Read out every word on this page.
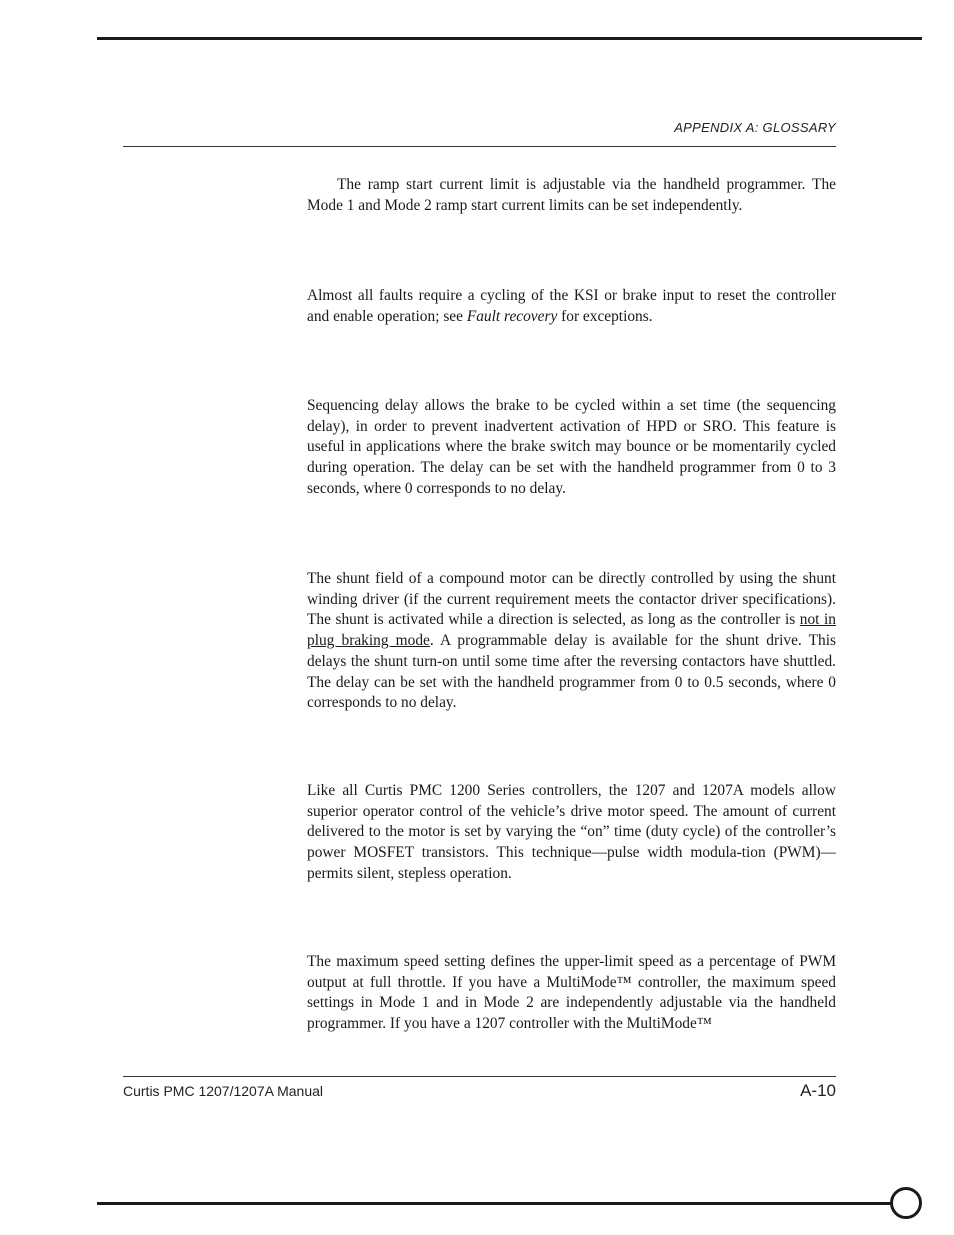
APPENDIX A: GLOSSARY

The ramp start current limit is adjustable via the handheld programmer. The Mode 1 and Mode 2 ramp start current limits can be set independently.

Almost all faults require a cycling of the KSI or brake input to reset the controller and enable operation; see Fault recovery for exceptions.

Sequencing delay allows the brake to be cycled within a set time (the sequencing delay), in order to prevent inadvertent activation of HPD or SRO. This feature is useful in applications where the brake switch may bounce or be momentarily cycled during operation. The delay can be set with the handheld programmer from 0 to 3 seconds, where 0 corresponds to no delay.

The shunt field of a compound motor can be directly controlled by using the shunt winding driver (if the current requirement meets the contactor driver specifications). The shunt is activated while a direction is selected, as long as the controller is not in plug braking mode. A programmable delay is available for the shunt drive. This delays the shunt turn-on until some time after the reversing contactors have shuttled. The delay can be set with the handheld programmer from 0 to 0.5 seconds, where 0 corresponds to no delay.

Like all Curtis PMC 1200 Series controllers, the 1207 and 1207A models allow superior operator control of the vehicle’s drive motor speed. The amount of current delivered to the motor is set by varying the “on” time (duty cycle) of the controller’s power MOSFET transistors. This technique—pulse width modula-tion (PWM)—permits silent, stepless operation.

The maximum speed setting defines the upper-limit speed as a percentage of PWM output at full throttle. If you have a MultiMode™ controller, the maximum speed settings in Mode 1 and in Mode 2 are independently adjustable via the handheld programmer. If you have a 1207 controller with the MultiMode™

Curtis PMC 1207/1207A Manual	A-10
